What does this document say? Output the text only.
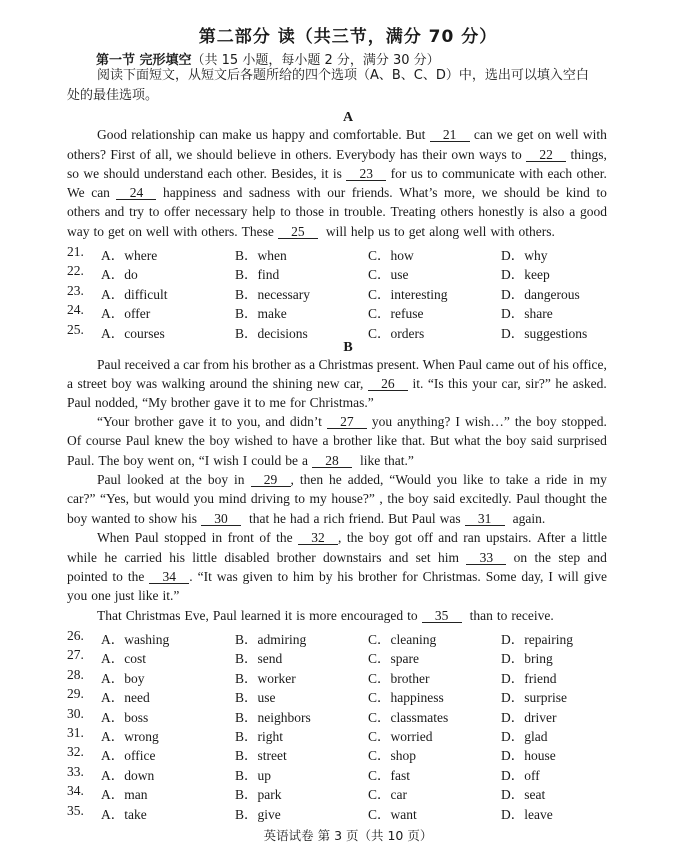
第二部分 读（共三节，满分 70 分）
第一节 完形填空（共 15 小题，每小题 2 分，满分 30 分）
阅读下面短文，从短文后各题所给的四个选项（A、B、C、D）中，选出可以填入空白
处的最佳选项。
A
Good relationship can make us happy and comfortable. But	21	can we get on well with
others? First of all, we should believe in others. Everybody has their own ways to	22	things,
so we should understand each other. Besides, it is	23	for us to communicate with each other.
We can	24	happiness and sadness with our friends. What’s more, we should be kind to
others and try to offer necessary help to those in trouble. Treating others honestly is also a good
way to get on well with others. These	25	will help us to get along well with others.
21. A．where	B．when	C．how	D．why
22. A．do	B．find	C．use	D．keep
23. A．difficult	B．necessary	C．interesting	D．dangerous
24. A．offer	B．make	C．refuse	D．share
25. A．courses	B．decisions	C．orders	D．suggestions
B
Paul received a car from his brother as a Christmas present. When Paul came out of his office,
a street boy was walking around the shining new car,	26	it. “Is this your car, sir?” he asked.
Paul nodded, “My brother gave it to me for Christmas.”
“Your brother gave it to you, and didn’t	27	you anything? I wish…” the boy stopped.
Of course Paul knew the boy wished to have a brother like that. But what the boy said surprised
Paul. The boy went on, “I wish I could be a	28	like that.”
Paul looked at the boy in	29 , then he added, “Would you like to take a ride in my
car?” “Yes, but would you mind driving to my house?” , the boy said excitedly. Paul thought the
boy wanted to show his	30	that he had a rich friend. But Paul was	31	again.
When Paul stopped in front of the	32 , the boy got off and ran upstairs. After a little
while he carried his little disabled brother downstairs and set him	33	on the step and
pointed to the	34 . “It was given to him by his brother for Christmas. Some day, I will give
you one just like it.”
That Christmas Eve, Paul learned it is more encouraged to	35	than to receive.
26. A．washing	B．admiring	C．cleaning	D．repairing
27. A．cost	B．send	C．spare	D．bring
28. A．boy	B．worker	C．brother	D．friend
29. A．need	B．use	C．happiness	D．surprise
30. A．boss	B．neighbors	C．classmates	D．driver
31. A．wrong	B．right	C．worried	D．glad
32. A．office	B．street	C．shop	D．house
33. A．down	B．up	C．fast	D．off
34. A．man	B．park	C．car	D．seat
35. A．take	B．give	C．want	D．leave
英语试卷 第 3 页（共 10 页）
